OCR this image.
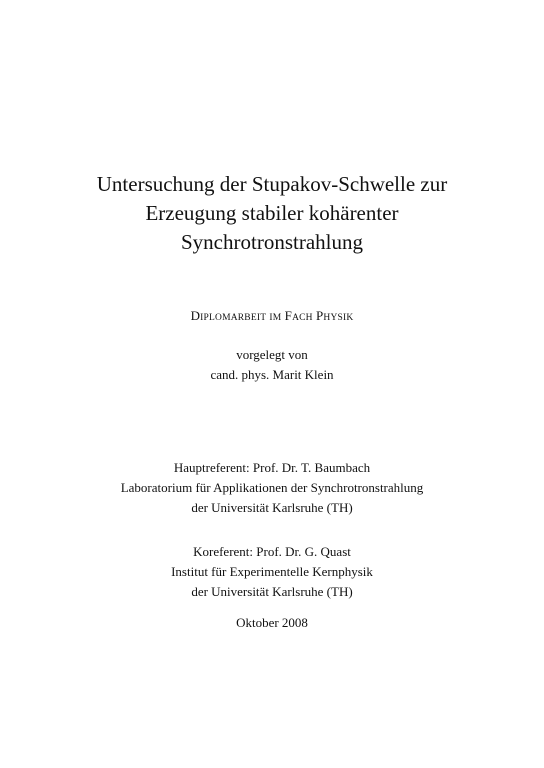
Untersuchung der Stupakov-Schwelle zur
Erzeugung stabiler kohärenter
Synchrotronstrahlung
DIPLOMARBEIT IM FACH PHYSIK
vorgelegt von
cand. phys. Marit Klein
Hauptreferent: Prof. Dr. T. Baumbach
Laboratorium für Applikationen der Synchrotronstrahlung
der Universität Karlsruhe (TH)
Koreferent: Prof. Dr. G. Quast
Institut für Experimentelle Kernphysik
der Universität Karlsruhe (TH)
Oktober 2008
